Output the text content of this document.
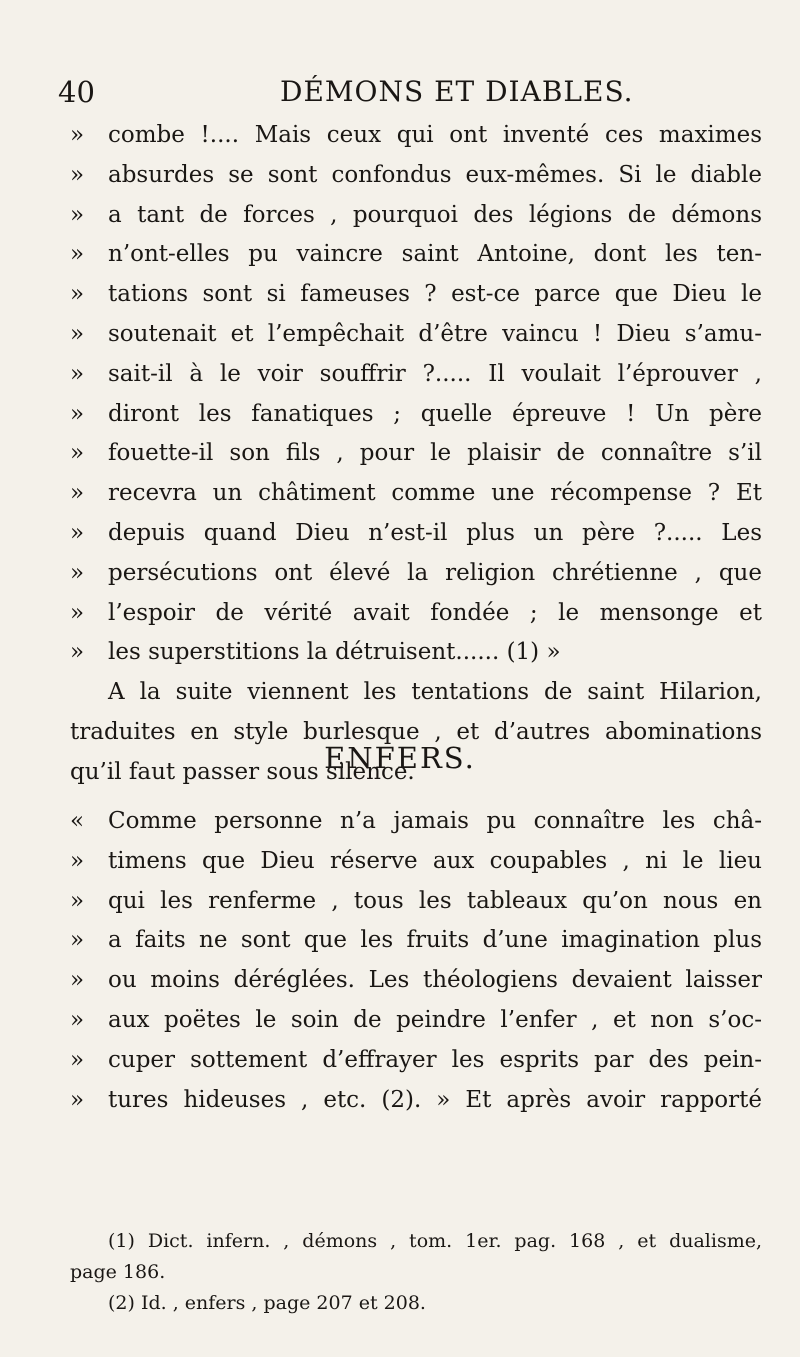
40	DÉMONS ET DIABLES.
» combe !.... Mais ceux qui ont inventé ces maximes
» absurdes se sont confondus eux-mêmes. Si le diable
» a tant de forces , pourquoi des légions de démons
» n’ont-elles pu vaincre saint Antoine, dont les ten-
» tations sont si fameuses ? est-ce parce que Dieu le
» soutenait et l’empêchait d’être vaincu ! Dieu s’amu-
» sait-il à le voir souffrir ?..... Il voulait l’éprouver ,
» diront les fanatiques ; quelle épreuve ! Un père
» fouette-il son fils , pour le plaisir de connaître s’il
» recevra un châtiment comme une récompense ? Et
» depuis quand Dieu n’est-il plus un père ?..... Les
» persécutions ont élevé la religion chrétienne , que
» l’espoir de vérité avait fondée ; le mensonge et
» les superstitions la détruisent...... (1) »
A la suite viennent les tentations de saint Hilarion,
traduites en style burlesque , et d’autres abominations
qu’il faut passer sous silence.
ENFERS.
« Comme personne n’a jamais pu connaître les châ-
» timens que Dieu réserve aux coupables , ni le lieu
» qui les renferme , tous les tableaux qu’on nous en
» a faits ne sont que les fruits d’une imagination plus
» ou moins déréglées. Les théologiens devaient laisser
» aux poëtes le soin de peindre l’enfer , et non s’oc-
» cuper sottement d’effrayer les esprits par des pein-
» tures hideuses , etc. (2). » Et après avoir rapporté
(1) Dict. infern. , démons , tom. 1er. pag. 168 , et dualisme,
page 186.
(2) Id. , enfers , page 207 et 208.
